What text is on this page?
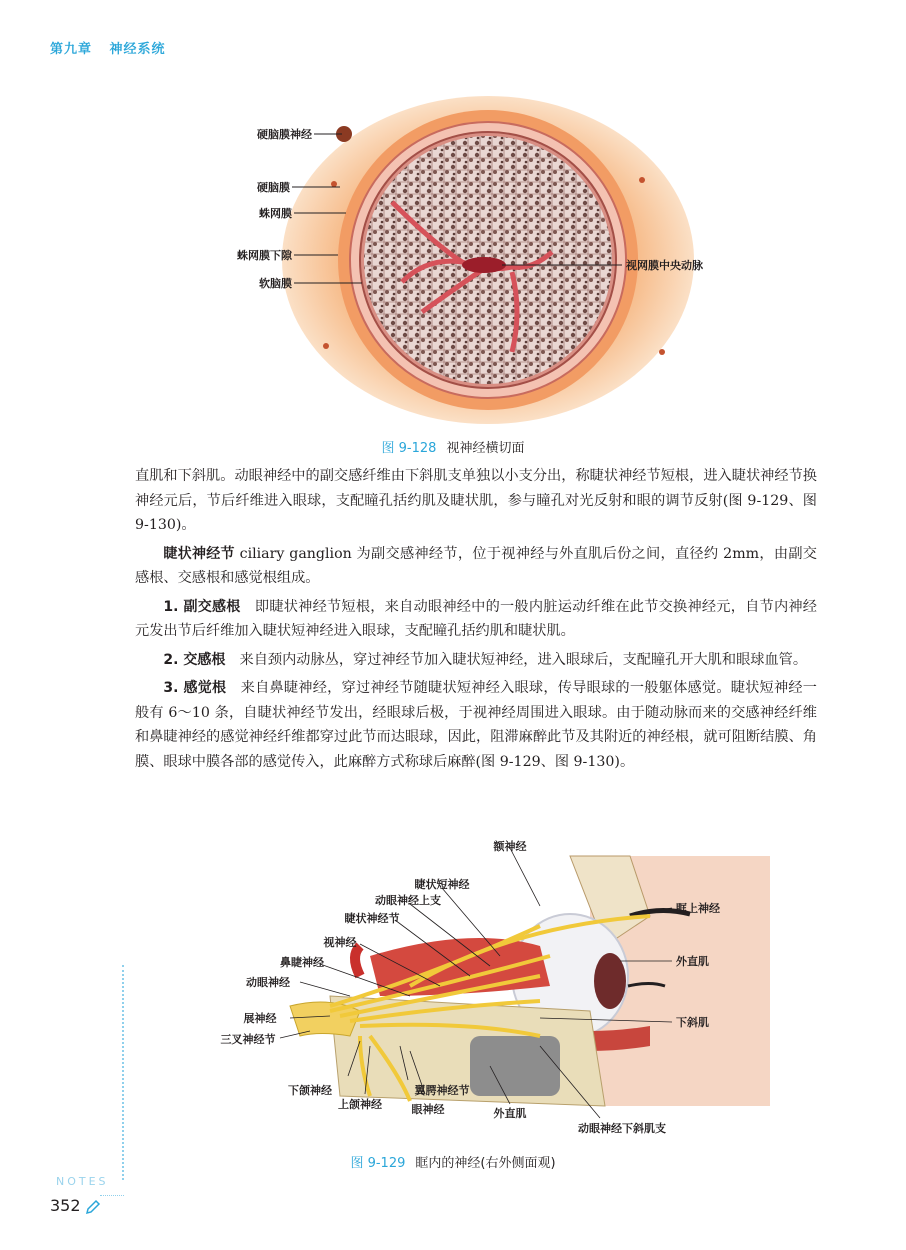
第九章 神经系统
硬脑膜神经
硬脑膜
蛛网膜
蛛网膜下隙
软脑膜
视网膜中央动脉
图 9-128 视神经横切面

直肌和下斜肌。动眼神经中的副交感纤维由下斜肌支单独以小支分出，称睫状神经节短根，进入睫状神经节换神经元后，节后纤维进入眼球，支配瞳孔括约肌及睫状肌，参与瞳孔对光反射和眼的调节反射(图 9-129、图 9-130)。

睫状神经节 ciliary ganglion 为副交感神经节，位于视神经与外直肌后份之间，直径约 2mm，由副交感根、交感根和感觉根组成。

1. 副交感根　即睫状神经节短根，来自动眼神经中的一般内脏运动纤维在此节交换神经元，自节内神经元发出节后纤维加入睫状短神经进入眼球，支配瞳孔括约肌和睫状肌。

2. 交感根　来自颈内动脉丛，穿过神经节加入睫状短神经，进入眼球后，支配瞳孔开大肌和眼球血管。

3. 感觉根　来自鼻睫神经，穿过神经节随睫状短神经入眼球，传导眼球的一般躯体感觉。睫状短神经一般有 6～10 条，自睫状神经节发出，经眼球后极，于视神经周围进入眼球。由于随动脉而来的交感神经纤维和鼻睫神经的感觉神经纤维都穿过此节而达眼球，因此，阻滞麻醉此节及其附近的神经根，就可阻断结膜、角膜、眼球中膜各部的感觉传入，此麻醉方式称球后麻醉(图 9-129、图 9-130)。

额神经
睫状短神经
动眼神经上支
睫状神经节
视神经
鼻睫神经
动眼神经
展神经
三叉神经节
下颌神经
上颌神经
翼腭神经节
眼神经	外直肌
动眼神经下斜肌支
眶上神经
外直肌
下斜肌
图 9-129 眶内的神经(右外侧面观)
NOTES
352
